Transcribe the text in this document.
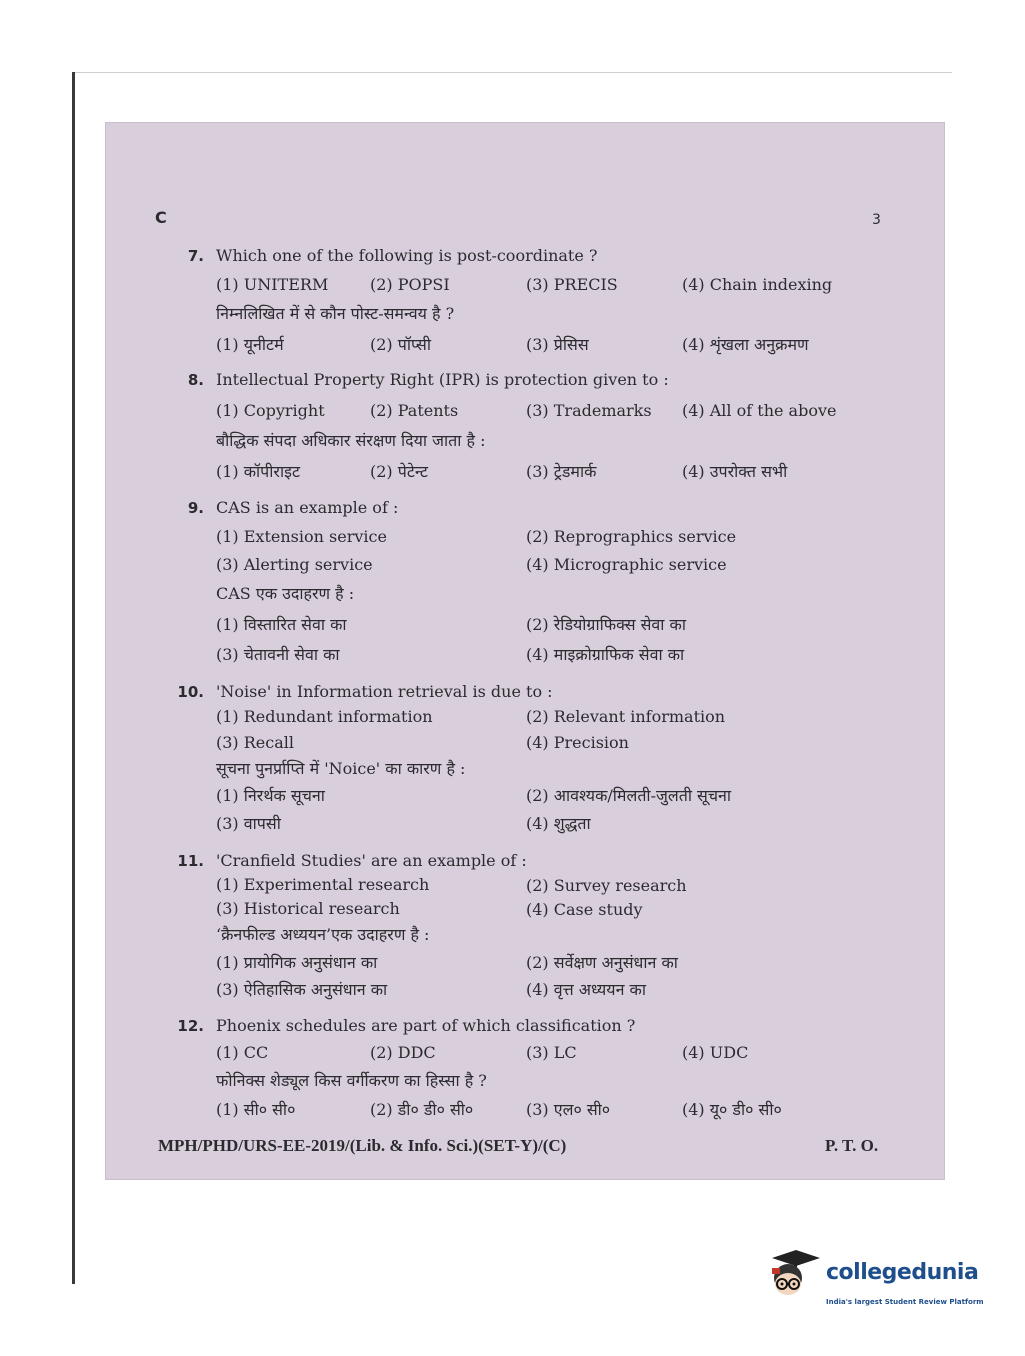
C	3
7. Which one of the following is post-coordinate ?
(1) UNITERM	(2) POPSI	(3) PRECIS	(4) Chain indexing
निम्नलिखित में से कौन पोस्ट-समन्वय है ?
(1) यूनीटर्म	(2) पॉप्सी	(3) प्रेसिस	(4) शृंखला अनुक्रमण
8. Intellectual Property Right (IPR) is protection given to :
(1) Copyright	(2) Patents	(3) Trademarks (4) All of the above
बौद्धिक संपदा अधिकार संरक्षण दिया जाता है :
(1) कॉपीराइट	(2) पेटेन्ट	(3) ट्रेडमार्क	(4) उपरोक्त सभी
9. CAS is an example of :
(1) Extension service	(2) Reprographics service
(3) Alerting service	(4) Micrographic service
CAS एक उदाहरण है :
(1) विस्तारित सेवा का	(2) रेडियोग्राफिक्स सेवा का
(3) चेतावनी सेवा का	(4) माइक्रोग्राफिक सेवा का
10. 'Noise' in Information retrieval is due to :
(1) Redundant information	(2) Relevant information
(3) Recall	(4) Precision
सूचना पुनर्प्राप्ति में 'Noice' का कारण है :
(1) निरर्थक सूचना	(2) आवश्यक/मिलती-जुलती सूचना
(3) वापसी	(4) शुद्धता
11. 'Cranfield Studies' are an example of :
(1) Experimental research	(2) Survey research
(3) Historical research	(4) Case study
‘क्रैनफील्ड अध्ययन’एक उदाहरण है :
(1) प्रायोगिक अनुसंधान का	(2) सर्वेक्षण अनुसंधान का
(3) ऐतिहासिक अनुसंधान का	(4) वृत्त अध्ययन का
12. Phoenix schedules are part of which classification ?
(1) CC	(2) DDC	(3) LC	(4) UDC
फोनिक्स शेड्यूल किस वर्गीकरण का हिस्सा है ?
(1) सी० सी०	(2) डी० डी० सी०	(3) एल० सी०	(4) यू० डी० सी०
MPH/PHD/URS-EE-2019/(Lib. & Info. Sci.)(SET-Y)/(C)	P. T. O.
collegedunia
India's largest Student Review Platform
